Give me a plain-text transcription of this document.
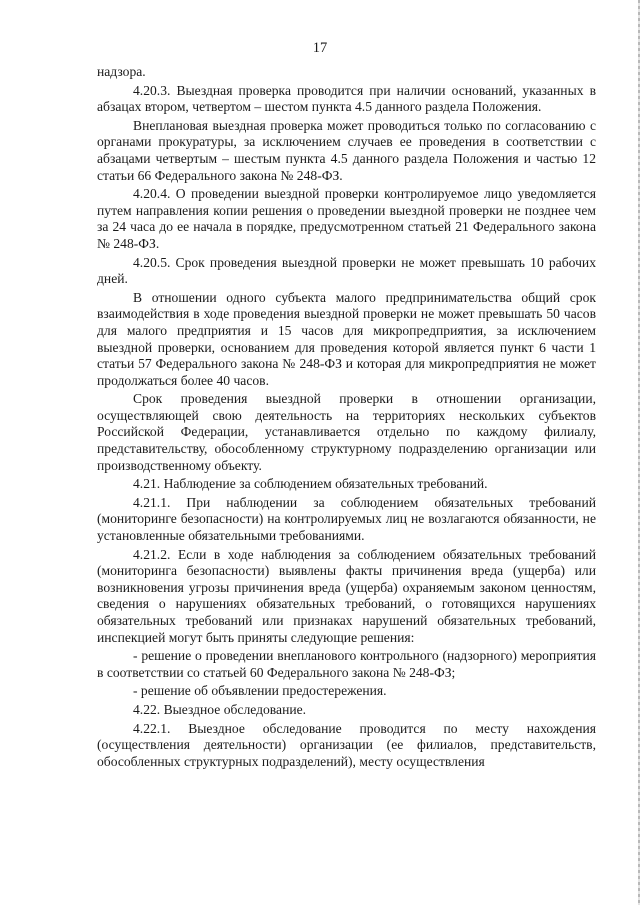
17

надзора.

4.20.3. Выездная проверка проводится при наличии оснований, указанных в абзацах втором, четвертом – шестом пункта 4.5 данного раздела Положения.

Внеплановая выездная проверка может проводиться только по согласованию с органами прокуратуры, за исключением случаев ее проведения в соответствии с абзацами четвертым – шестым пункта 4.5 данного раздела Положения и частью 12 статьи 66 Федерального закона № 248-ФЗ.

4.20.4. О проведении выездной проверки контролируемое лицо уведомляется путем направления копии решения о проведении выездной проверки не позднее чем за 24 часа до ее начала в порядке, предусмотренном статьей 21 Федерального закона № 248-ФЗ.

4.20.5. Срок проведения выездной проверки не может превышать 10 рабочих дней.

В отношении одного субъекта малого предпринимательства общий срок взаимодействия в ходе проведения выездной проверки не может превышать 50 часов для малого предприятия и 15 часов для микропредприятия, за исключением выездной проверки, основанием для проведения которой является пункт 6 части 1 статьи 57 Федерального закона № 248-ФЗ и которая для микропредприятия не может продолжаться более 40 часов.

Срок проведения выездной проверки в отношении организации, осуществляющей свою деятельность на территориях нескольких субъектов Российской Федерации, устанавливается отдельно по каждому филиалу, представительству, обособленному структурному подразделению организации или производственному объекту.

4.21. Наблюдение за соблюдением обязательных требований.

4.21.1. При наблюдении за соблюдением обязательных требований (мониторинге безопасности) на контролируемых лиц не возлагаются обязанности, не установленные обязательными требованиями.

4.21.2. Если в ходе наблюдения за соблюдением обязательных требований (мониторинга безопасности) выявлены факты причинения вреда (ущерба) или возникновения угрозы причинения вреда (ущерба) охраняемым законом ценностям, сведения о нарушениях обязательных требований, о готовящихся нарушениях обязательных требований или признаках нарушений обязательных требований, инспекцией могут быть приняты следующие решения:

- решение о проведении внепланового контрольного (надзорного) мероприятия в соответствии со статьей 60 Федерального закона № 248-ФЗ;

- решение об объявлении предостережения.

4.22. Выездное обследование.

4.22.1. Выездное обследование проводится по месту нахождения (осуществления деятельности) организации (ее филиалов, представительств, обособленных структурных подразделений), месту осуществления
